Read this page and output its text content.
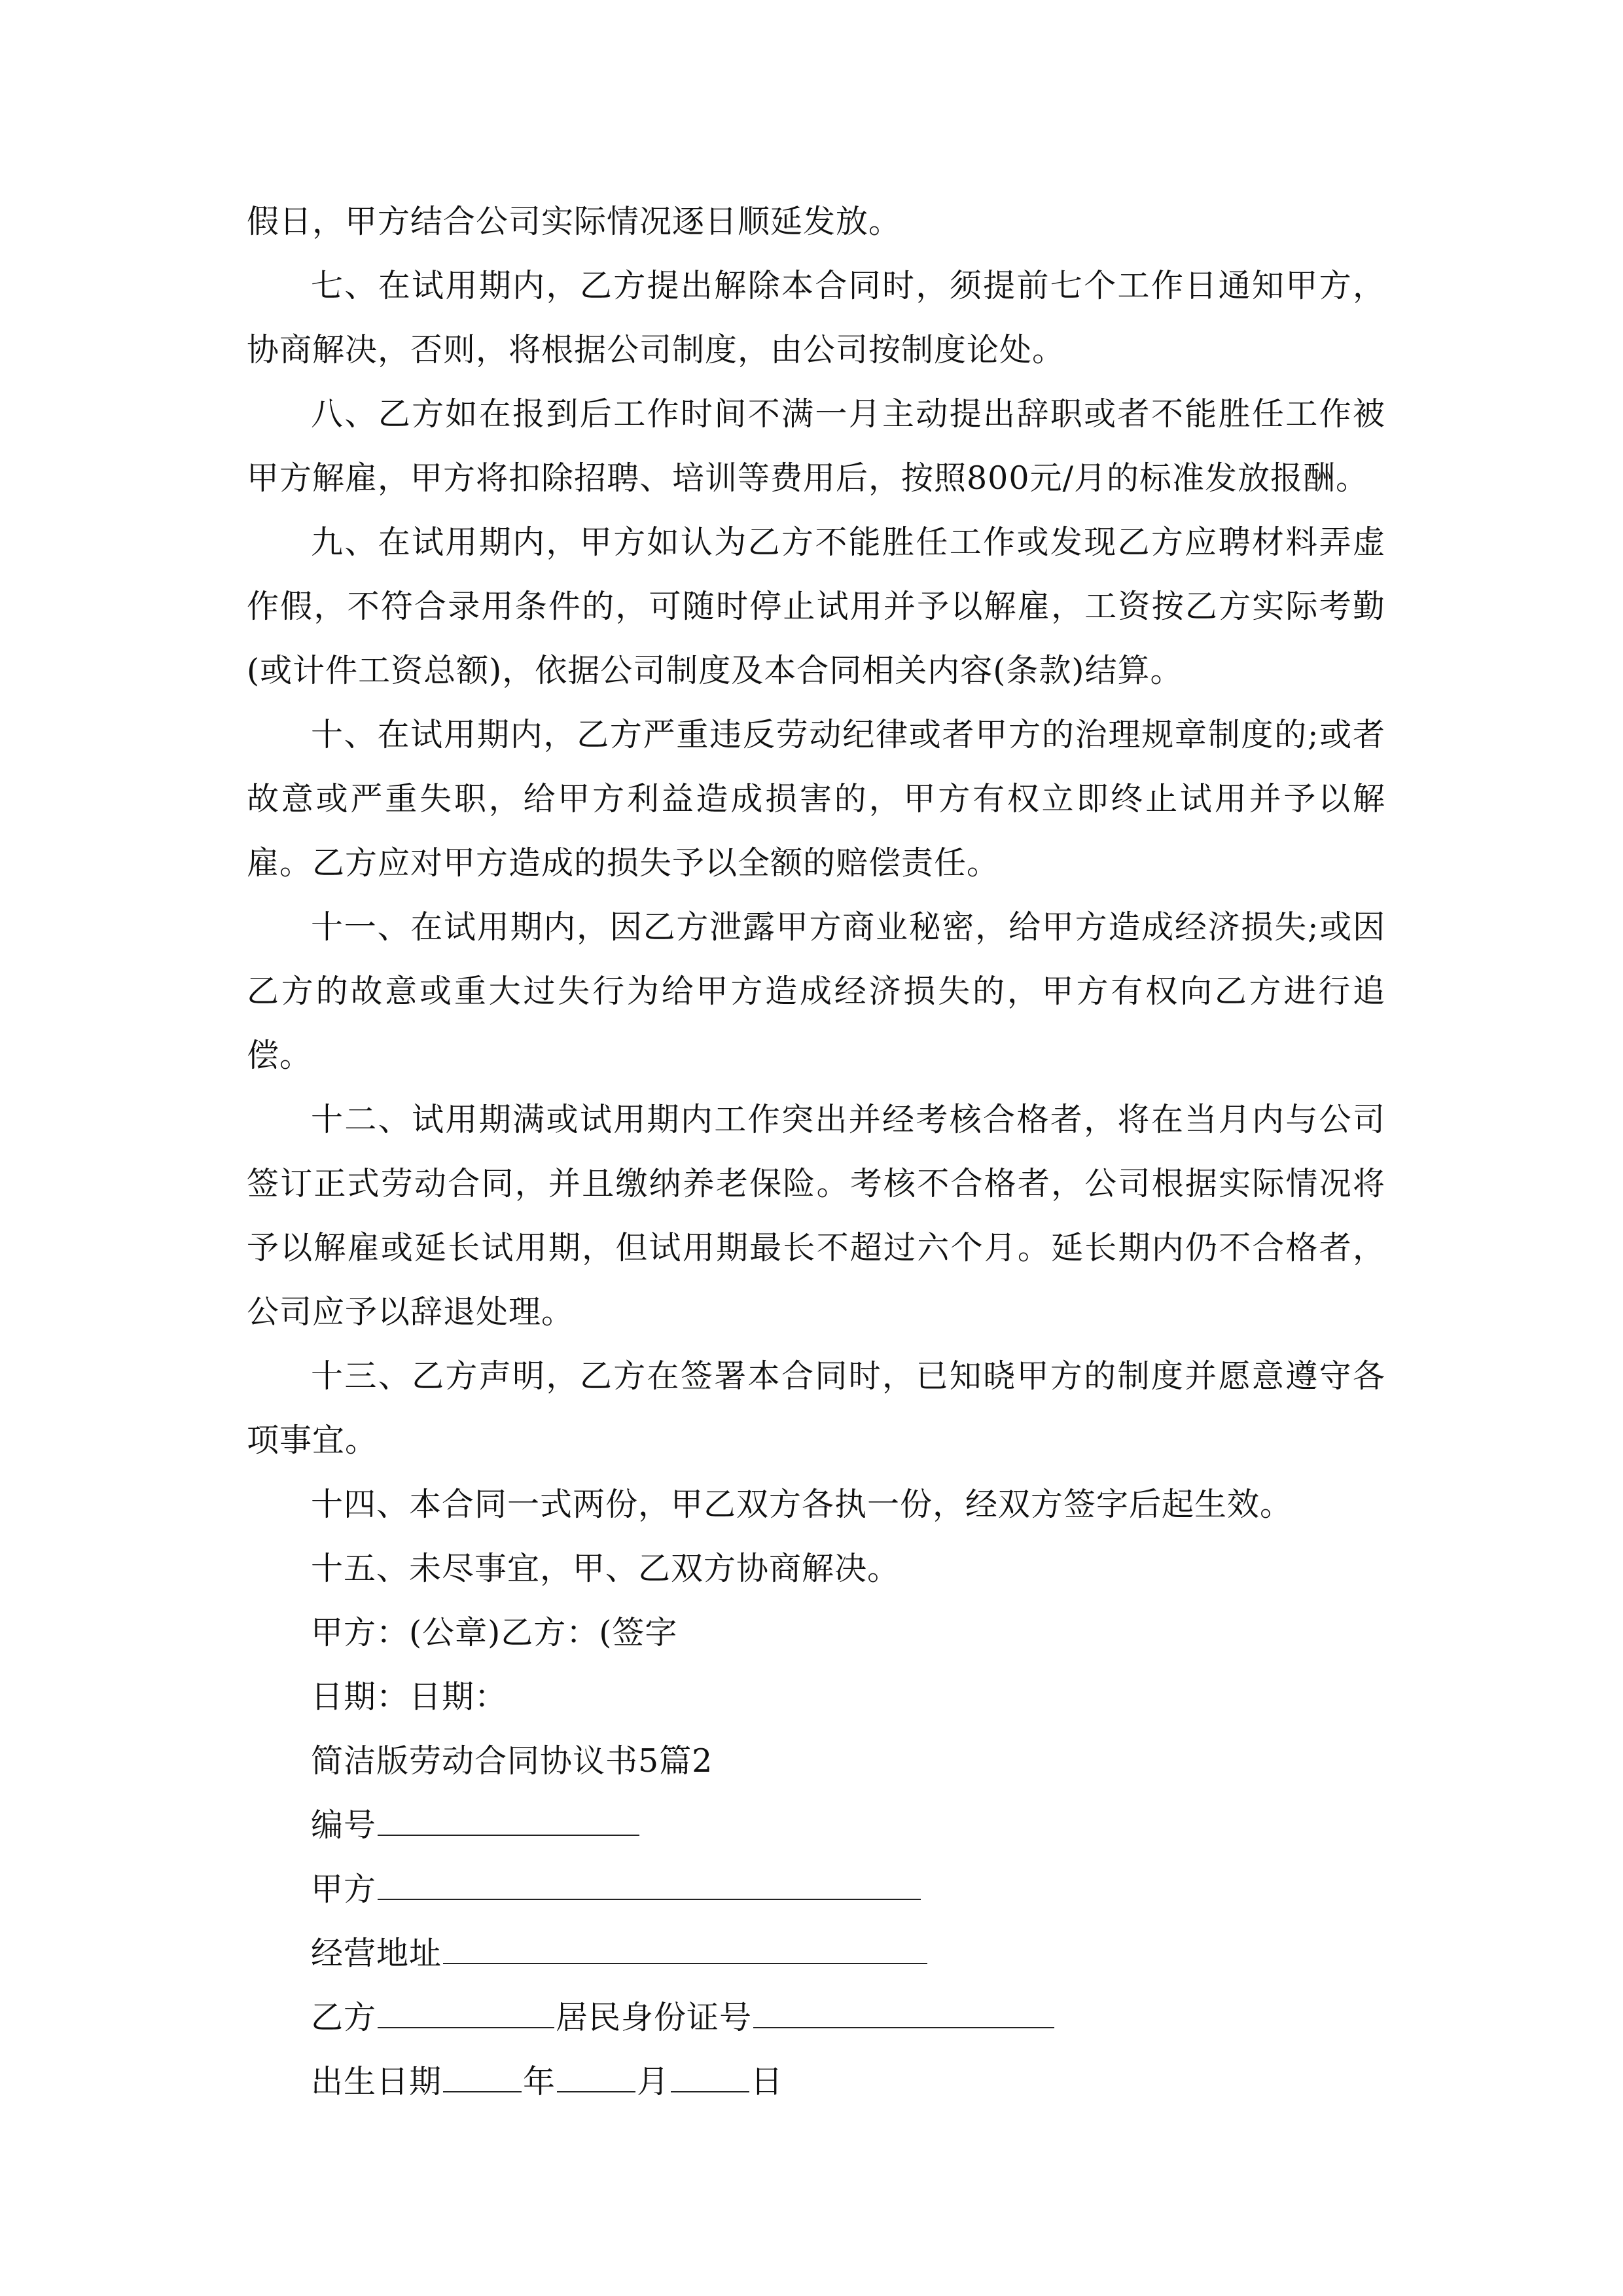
假日，甲方结合公司实际情况逐日顺延发放。

七、在试用期内，乙方提出解除本合同时，须提前七个工作日通知甲方，协商解决，否则，将根据公司制度，由公司按制度论处。

八、乙方如在报到后工作时间不满一月主动提出辞职或者不能胜任工作被甲方解雇，甲方将扣除招聘、培训等费用后，按照800元/月的标准发放报酬。

九、在试用期内，甲方如认为乙方不能胜任工作或发现乙方应聘材料弄虚作假，不符合录用条件的，可随时停止试用并予以解雇，工资按乙方实际考勤(或计件工资总额)，依据公司制度及本合同相关内容(条款)结算。

十、在试用期内，乙方严重违反劳动纪律或者甲方的治理规章制度的;或者故意或严重失职，给甲方利益造成损害的，甲方有权立即终止试用并予以解雇。乙方应对甲方造成的损失予以全额的赔偿责任。

十一、在试用期内，因乙方泄露甲方商业秘密，给甲方造成经济损失;或因乙方的故意或重大过失行为给甲方造成经济损失的，甲方有权向乙方进行追偿。

十二、试用期满或试用期内工作突出并经考核合格者，将在当月内与公司签订正式劳动合同，并且缴纳养老保险。考核不合格者，公司根据实际情况将予以解雇或延长试用期，但试用期最长不超过六个月。延长期内仍不合格者，公司应予以辞退处理。

十三、乙方声明，乙方在签署本合同时，已知晓甲方的制度并愿意遵守各项事宜。

十四、本合同一式两份，甲乙双方各执一份，经双方签字后起生效。

十五、未尽事宜，甲、乙双方协商解决。

甲方：(公章)乙方：(签字

日期：日期：

简洁版劳动合同协议书5篇2

编号

甲方

经营地址

乙方	居民身份证号

出生日期	年	月	日
